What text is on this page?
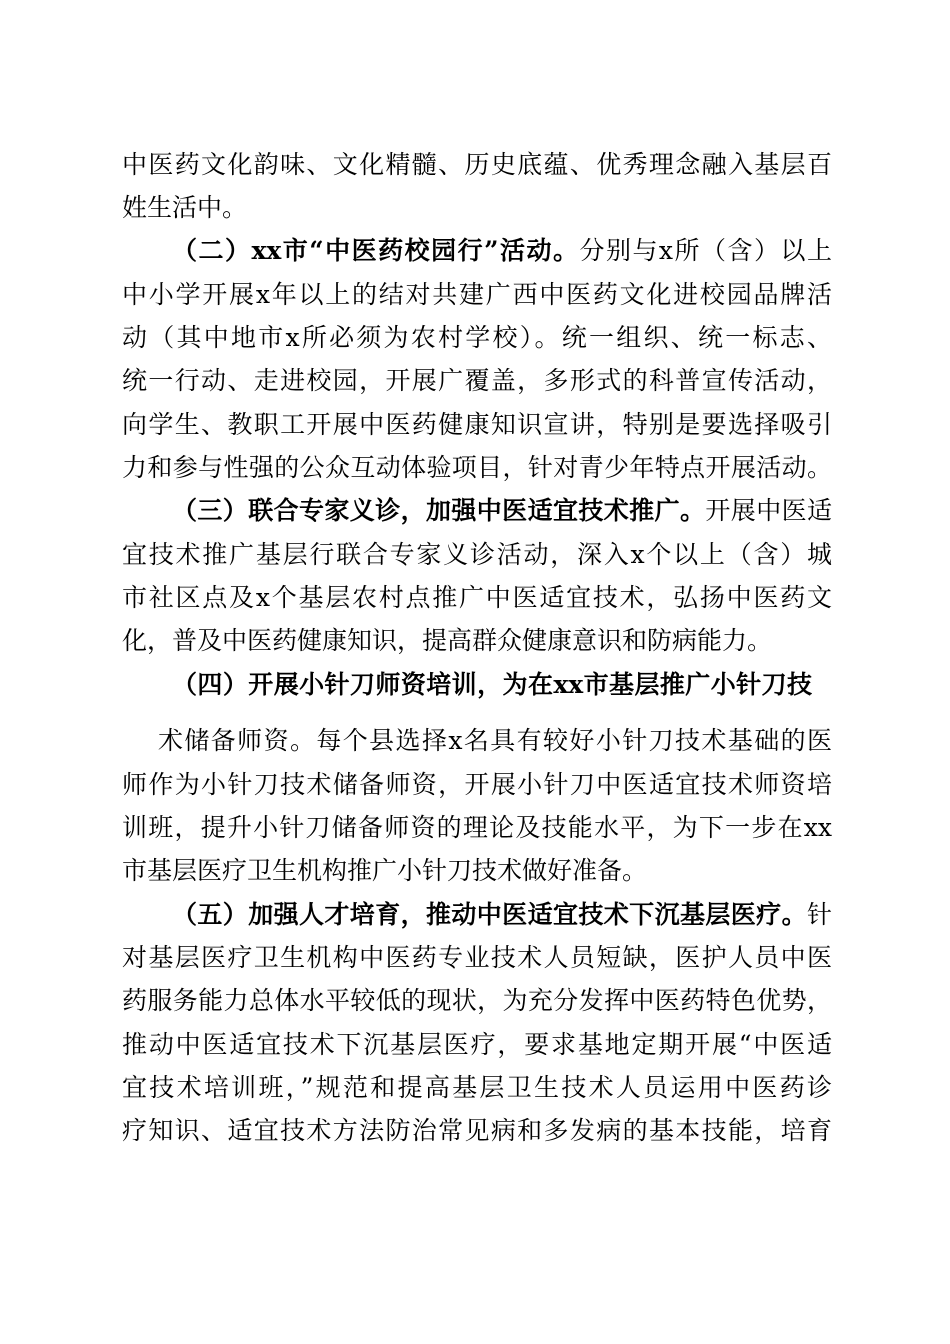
中医药文化韵味、文化精髓、历史底蕴、优秀理念融入基层百
姓生活中。
（二）xx市“中医药校园行”活动。分别与x所（含）以上
中小学开展x年以上的结对共建广西中医药文化进校园品牌活
动（其中地市x所必须为农村学校）。统一组织、统一标志、
统一行动、走进校园，开展广覆盖，多形式的科普宣传活动，
向学生、教职工开展中医药健康知识宣讲，特别是要选择吸引
力和参与性强的公众互动体验项目，针对青少年特点开展活动。
（三）联合专家义诊，加强中医适宜技术推广。开展中医适
宜技术推广基层行联合专家义诊活动，深入x个以上（含）城
市社区点及x个基层农村点推广中医适宜技术，弘扬中医药文
化，普及中医药健康知识，提高群众健康意识和防病能力。
（四）开展小针刀师资培训，为在xx市基层推广小针刀技
术储备师资。每个县选择x名具有较好小针刀技术基础的医
师作为小针刀技术储备师资，开展小针刀中医适宜技术师资培
训班，提升小针刀储备师资的理论及技能水平，为下一步在xx
市基层医疗卫生机构推广小针刀技术做好准备。
（五）加强人才培育，推动中医适宜技术下沉基层医疗。针
对基层医疗卫生机构中医药专业技术人员短缺，医护人员中医
药服务能力总体水平较低的现状，为充分发挥中医药特色优势，
推动中医适宜技术下沉基层医疗，要求基地定期开展“中医适
宜技术培训班，”规范和提高基层卫生技术人员运用中医药诊
疗知识、适宜技术方法防治常见病和多发病的基本技能，培育
